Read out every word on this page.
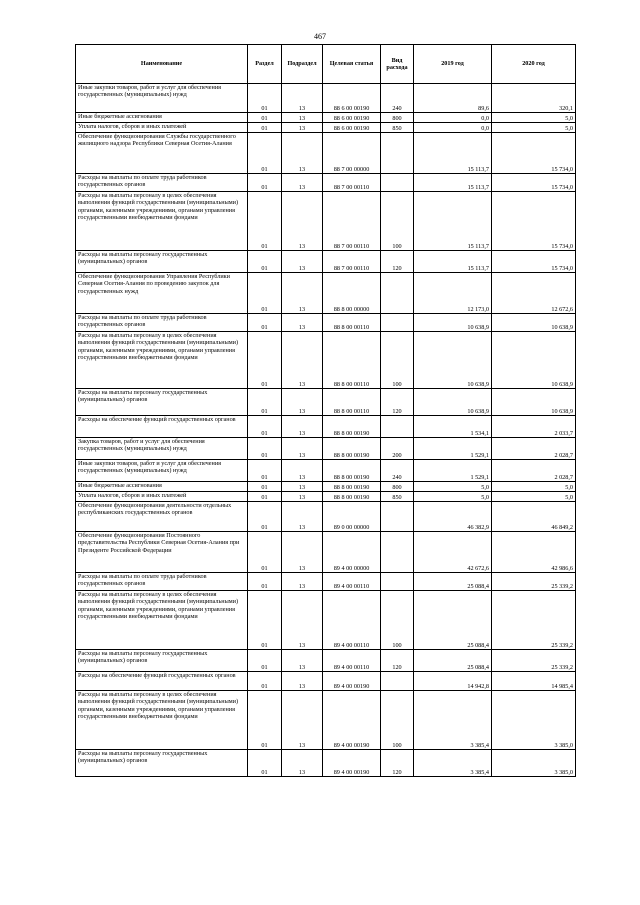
467
Наименование	Раздел	Подраздел	Целевая статья	Вид расхода	2019 год	2020 год
Иные закупки товаров, работ и услуг для обеспечения государственных (муниципальных) нужд	01	13	88 6 00 00190	240	89,6	320,1
Иные бюджетные ассигнования	01	13	88 6 00 00190	800	0,0	5,0
Уплата налогов, сборов и иных платежей	01	13	88 6 00 00190	850	0,0	5,0
Обеспечение функционирования Службы государственного жилищного надзора Республики Северная Осетия-Алания	01	13	88 7 00 00000		15 113,7	15 734,0
Расходы на выплаты по оплате труда работников государственных органов	01	13	88 7 00 00110		15 113,7	15 734,0
Расходы на выплаты персоналу в целях обеспечения выполнения функций государственными (муниципальными) органами, казенными учреждениями, органами управления государственными внебюджетными фондами	01	13	88 7 00 00110	100	15 113,7	15 734,0
Расходы на выплаты персоналу государственных (муниципальных) органов	01	13	88 7 00 00110	120	15 113,7	15 734,0
Обеспечение функционирования Управления Республики Северная Осетия-Алания по проведению закупок для государственных нужд	01	13	88 8 00 00000		12 173,0	12 672,6
Расходы на выплаты по оплате труда работников государственных органов	01	13	88 8 00 00110		10 638,9	10 638,9
Расходы на выплаты персоналу в целях обеспечения выполнения функций государственными (муниципальными) органами, казенными учреждениями, органами управления государственными внебюджетными фондами	01	13	88 8 00 00110	100	10 638,9	10 638,9
Расходы на выплаты персоналу государственных (муниципальных) органов	01	13	88 8 00 00110	120	10 638,9	10 638,9
Расходы на обеспечение функций государственных органов	01	13	88 8 00 00190		1 534,1	2 033,7
Закупка товаров, работ и услуг для обеспечения государственных (муниципальных) нужд	01	13	88 8 00 00190	200	1 529,1	2 028,7
Иные закупки товаров, работ и услуг для обеспечения государственных (муниципальных) нужд	01	13	88 8 00 00190	240	1 529,1	2 028,7
Иные бюджетные ассигнования	01	13	88 8 00 00190	800	5,0	5,0
Уплата налогов, сборов и иных платежей	01	13	88 8 00 00190	850	5,0	5,0
Обеспечение функционирования деятельности отдельных республиканских государственных органов	01	13	89 0 00 00000		46 382,9	46 849,2
Обеспечение функционирования Постоянного представительства Республики Северная Осетия-Алания при Президенте Российской Федерации	01	13	89 4 00 00000		42 672,6	42 986,6
Расходы на выплаты по оплате труда работников государственных органов	01	13	89 4 00 00110		25 088,4	25 339,2
Расходы на выплаты персоналу в целях обеспечения выполнения функций государственными (муниципальными) органами, казенными учреждениями, органами управления государственными внебюджетными фондами	01	13	89 4 00 00110	100	25 088,4	25 339,2
Расходы на выплаты персоналу государственных (муниципальных) органов	01	13	89 4 00 00110	120	25 088,4	25 339,2
Расходы на обеспечение функций государственных органов	01	13	89 4 00 00190		14 942,8	14 985,4
Расходы на выплаты персоналу в целях обеспечения выполнения функций государственными (муниципальными) органами, казенными учреждениями, органами управления государственными внебюджетными фондами	01	13	89 4 00 00190	100	3 385,4	3 385,0
Расходы на выплаты персоналу государственных (муниципальных) органов	01	13	89 4 00 00190	120	3 385,4	3 385,0
